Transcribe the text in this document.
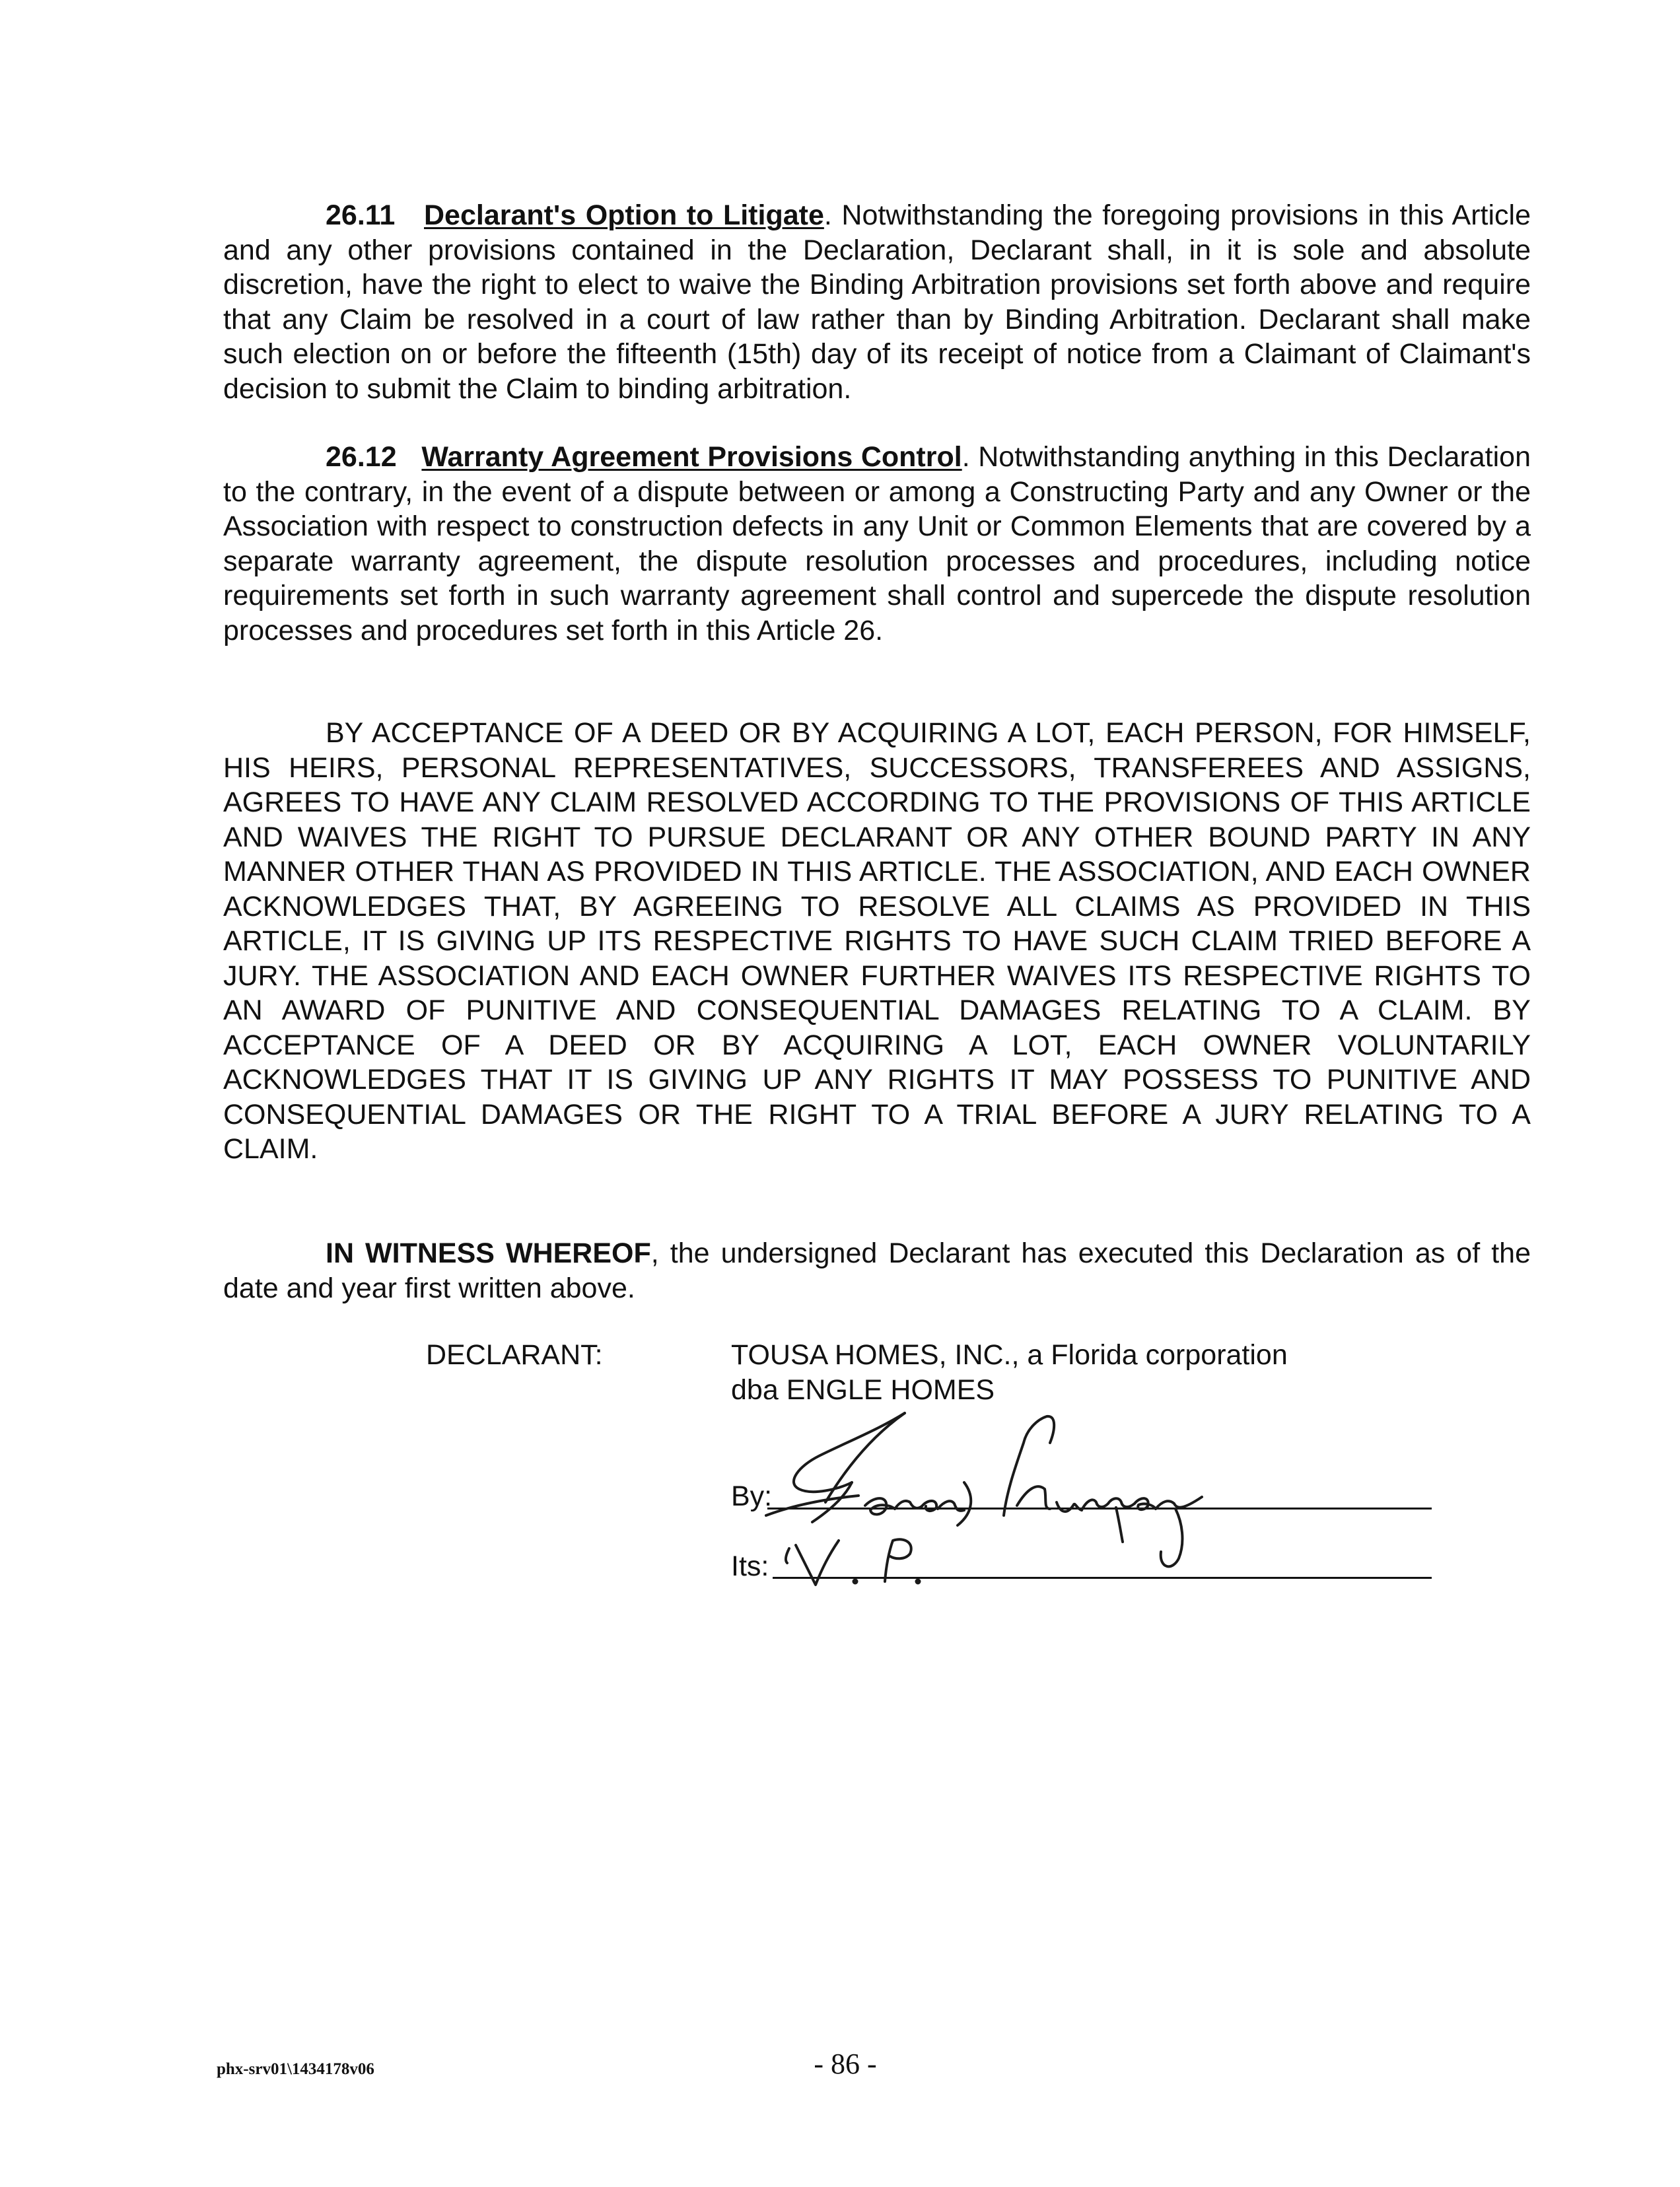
26.11 Declarant's Option to Litigate. Notwithstanding the foregoing provisions in this Article and any other provisions contained in the Declaration, Declarant shall, in it is sole and absolute discretion, have the right to elect to waive the Binding Arbitration provisions set forth above and require that any Claim be resolved in a court of law rather than by Binding Arbitration. Declarant shall make such election on or before the fifteenth (15th) day of its receipt of notice from a Claimant of Claimant's decision to submit the Claim to binding arbitration.

26.12 Warranty Agreement Provisions Control. Notwithstanding anything in this Declaration to the contrary, in the event of a dispute between or among a Constructing Party and any Owner or the Association with respect to construction defects in any Unit or Common Elements that are covered by a separate warranty agreement, the dispute resolution processes and procedures, including notice requirements set forth in such warranty agreement shall control and supercede the dispute resolution processes and procedures set forth in this Article 26.

BY ACCEPTANCE OF A DEED OR BY ACQUIRING A LOT, EACH PERSON, FOR HIMSELF, HIS HEIRS, PERSONAL REPRESENTATIVES, SUCCESSORS, TRANSFEREES AND ASSIGNS, AGREES TO HAVE ANY CLAIM RESOLVED ACCORDING TO THE PROVISIONS OF THIS ARTICLE AND WAIVES THE RIGHT TO PURSUE DECLARANT OR ANY OTHER BOUND PARTY IN ANY MANNER OTHER THAN AS PROVIDED IN THIS ARTICLE. THE ASSOCIATION, AND EACH OWNER ACKNOWLEDGES THAT, BY AGREEING TO RESOLVE ALL CLAIMS AS PROVIDED IN THIS ARTICLE, IT IS GIVING UP ITS RESPECTIVE RIGHTS TO HAVE SUCH CLAIM TRIED BEFORE A JURY. THE ASSOCIATION AND EACH OWNER FURTHER WAIVES ITS RESPECTIVE RIGHTS TO AN AWARD OF PUNITIVE AND CONSEQUENTIAL DAMAGES RELATING TO A CLAIM. BY ACCEPTANCE OF A DEED OR BY ACQUIRING A LOT, EACH OWNER VOLUNTARILY ACKNOWLEDGES THAT IT IS GIVING UP ANY RIGHTS IT MAY POSSESS TO PUNITIVE AND CONSEQUENTIAL DAMAGES OR THE RIGHT TO A TRIAL BEFORE A JURY RELATING TO A CLAIM.

IN WITNESS WHEREOF, the undersigned Declarant has executed this Declaration as of the date and year first written above.

DECLARANT:	TOUSA HOMES, INC., a Florida corporation

dba ENGLE HOMES

By:

Its:

phx-srv01\1434178v06	- 86 -
